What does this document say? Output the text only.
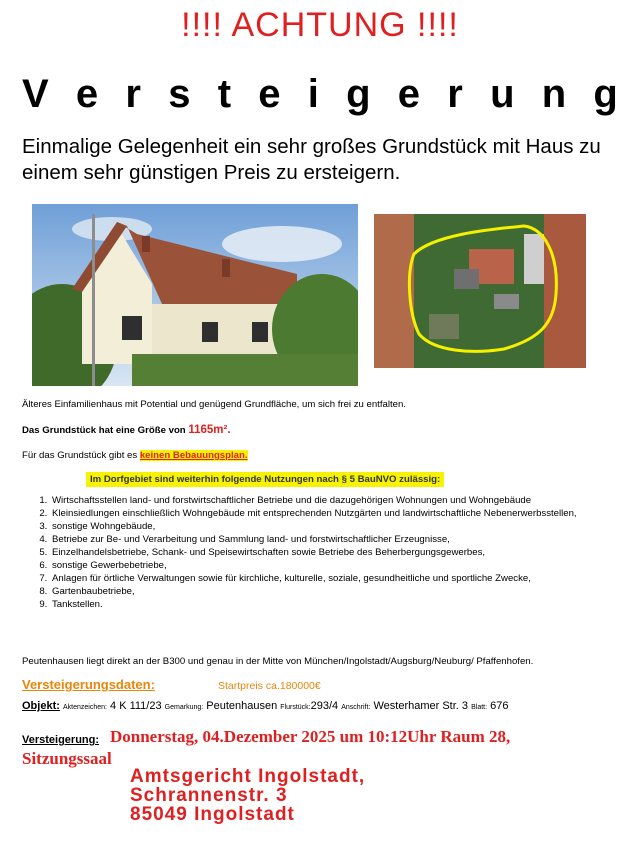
!!!! ACHTUNG !!!!
V e r s t e i g e r u n g
Einmalige Gelegenheit ein sehr großes Grundstück mit Haus zu einem sehr günstigen Preis zu ersteigern.
Älteres Einfamilienhaus mit Potential und genügend Grundfläche, um sich frei zu entfalten.
Das Grundstück hat eine Größe von 1165m².
Für das Grundstück gibt es keinen Bebauungsplan.
Im Dorfgebiet sind weiterhin folgende Nutzungen nach § 5 BauNVO zulässig:
1. Wirtschaftsstellen land- und forstwirtschaftlicher Betriebe und die dazugehörigen Wohnungen und Wohngebäude
2. Kleinsiedlungen einschließlich Wohngebäude mit entsprechenden Nutzgärten und landwirtschaftliche Nebenerwerbsstellen,
3. sonstige Wohngebäude,
4. Betriebe zur Be- und Verarbeitung und Sammlung land- und forstwirtschaftlicher Erzeugnisse,
5. Einzelhandelsbetriebe, Schank- und Speisewirtschaften sowie Betriebe des Beherbergungsgewerbes,
6. sonstige Gewerbebetriebe,
7. Anlagen für örtliche Verwaltungen sowie für kirchliche, kulturelle, soziale, gesundheitliche und sportliche Zwecke,
8. Gartenbaubetriebe,
9. Tankstellen.
Peutenhausen liegt direkt an der B300 und genau in der Mitte von München/Ingolstadt/Augsburg/Neuburg/ Pfaffenhofen.
Versteigerungsdaten:	Startpreis ca.180000€
Objekt: Aktenzeichen: 4 K 111/23 Gemarkung: Peutenhausen Flurstück:293/4 Anschrift: Westerhamer Str. 3 Blatt: 676
Versteigerung: Donnerstag, 04.Dezember 2025 um 10:12Uhr Raum 28,
Sitzungssaal
Amtsgericht Ingolstadt,
Schrannenstr. 3
85049 Ingolstadt
